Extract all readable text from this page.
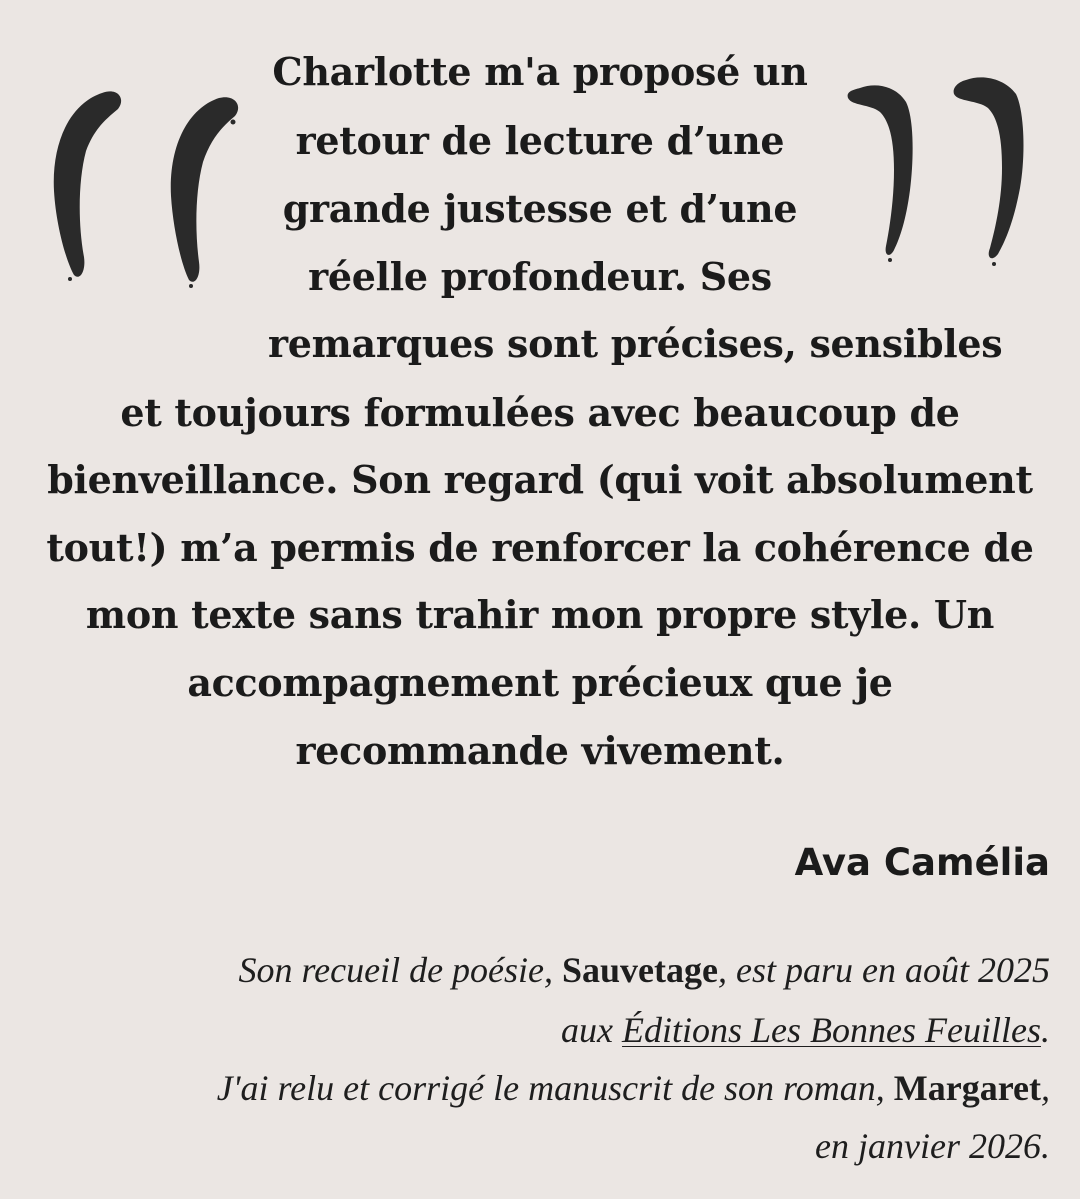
Charlotte m'a proposé un
retour de lecture d’une
grande justesse et d’une
réelle profondeur. Ses
remarques sont précises, sensibles
et toujours formulées avec beaucoup de
bienveillance. Son regard (qui voit absolument
tout!) m’a permis de renforcer la cohérence de
mon texte sans trahir mon propre style. Un
accompagnement précieux que je
recommande vivement.
Ava Camélia
Son recueil de poésie, Sauvetage, est paru en août 2025
aux Éditions Les Bonnes Feuilles.
J'ai relu et corrigé le manuscrit de son roman, Margaret,
en janvier 2026.
